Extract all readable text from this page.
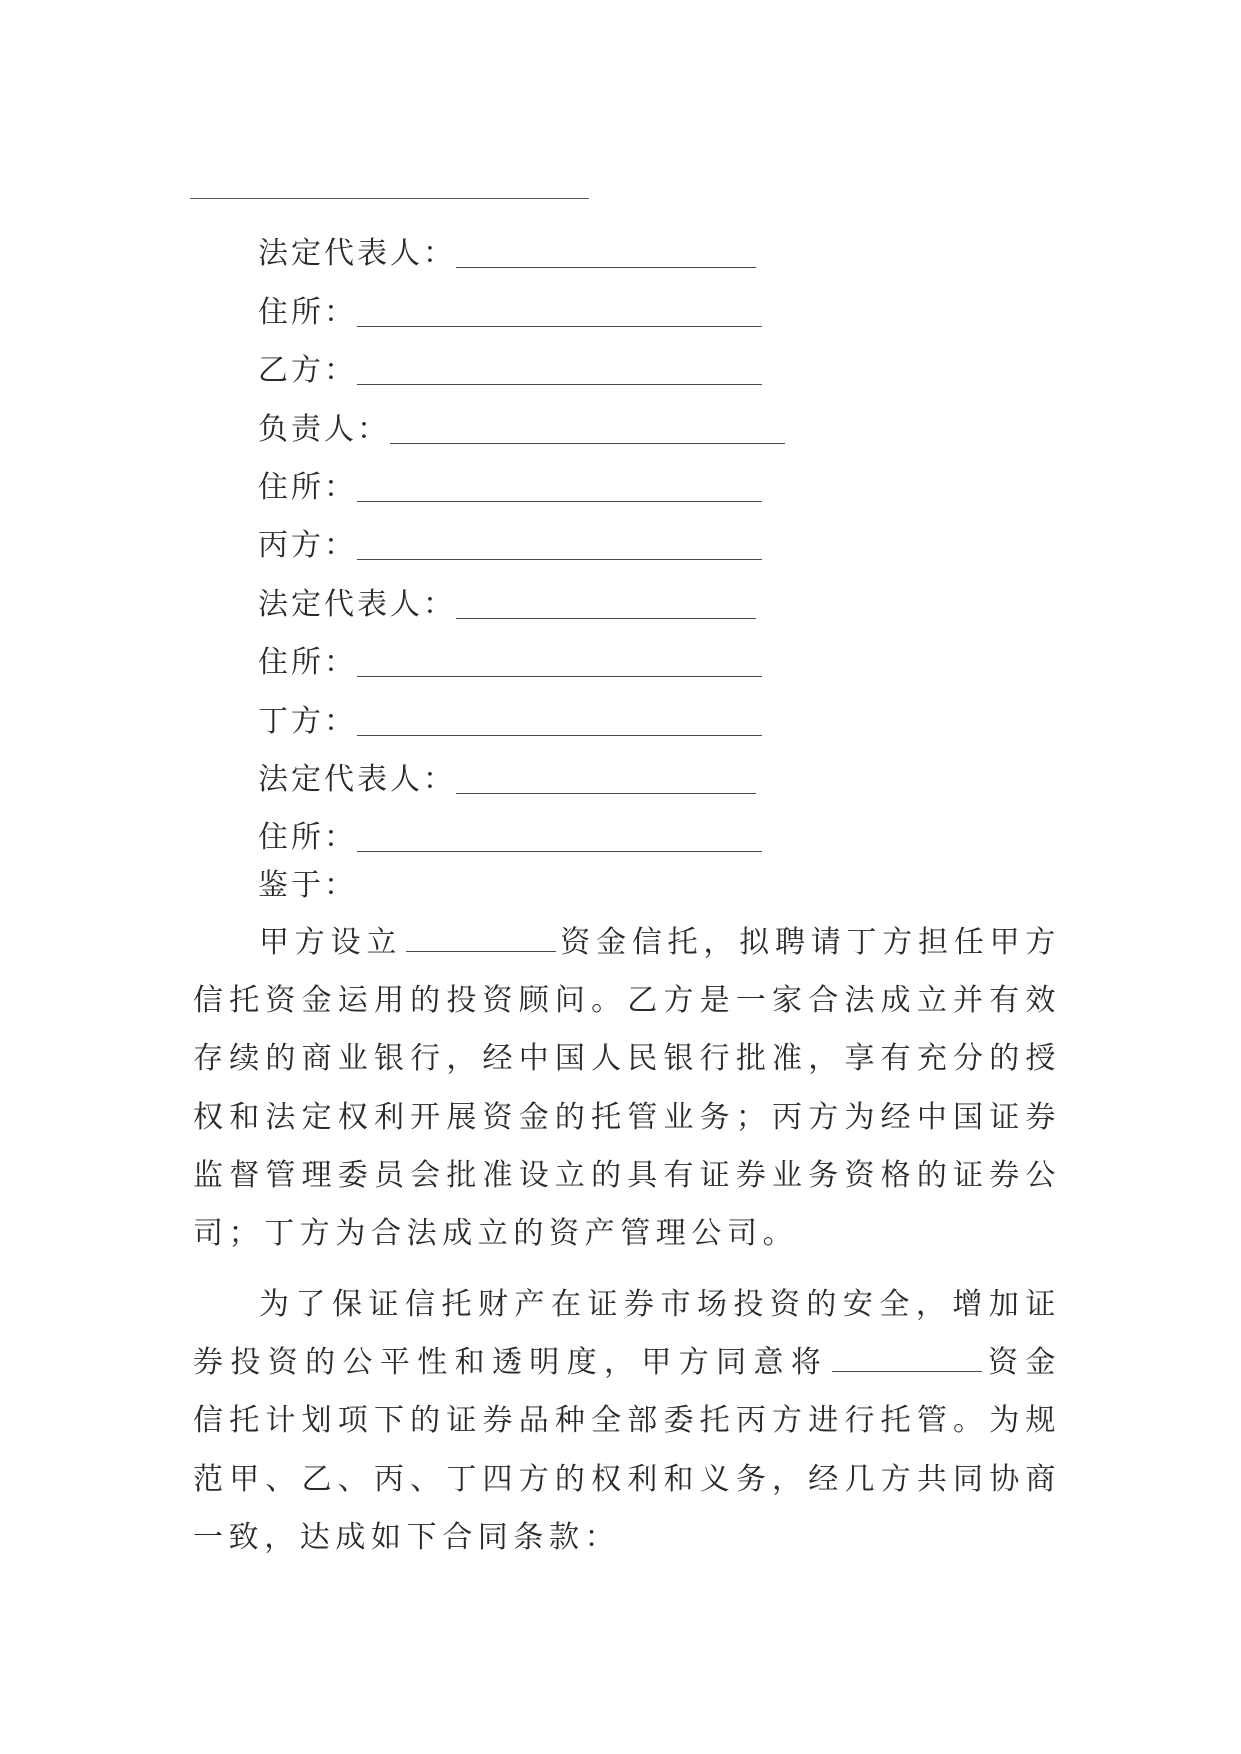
法定代表人：
住所：
乙方：
负责人：
住所：
丙方：
法定代表人：
住所：
丁方：
法定代表人：
住所：
鉴于：

甲方设立	资金信托，拟聘请丁方担任甲方信托资金运用的投资顾问。乙方是一家合法成立并有效存续的商业银行，经中国人民银行批准，享有充分的授权和法定权利开展资金的托管业务；丙方为经中国证券监督管理委员会批准设立的具有证券业务资格的证券公司；丁方为合法成立的资产管理公司。

为了保证信托财产在证券市场投资的安全，增加证券投资的公平性和透明度，甲方同意将	资金信托计划项下的证券品种全部委托丙方进行托管。为规范甲、乙、丙、丁四方的权利和义务，经几方共同协商一致，达成如下合同条款：
